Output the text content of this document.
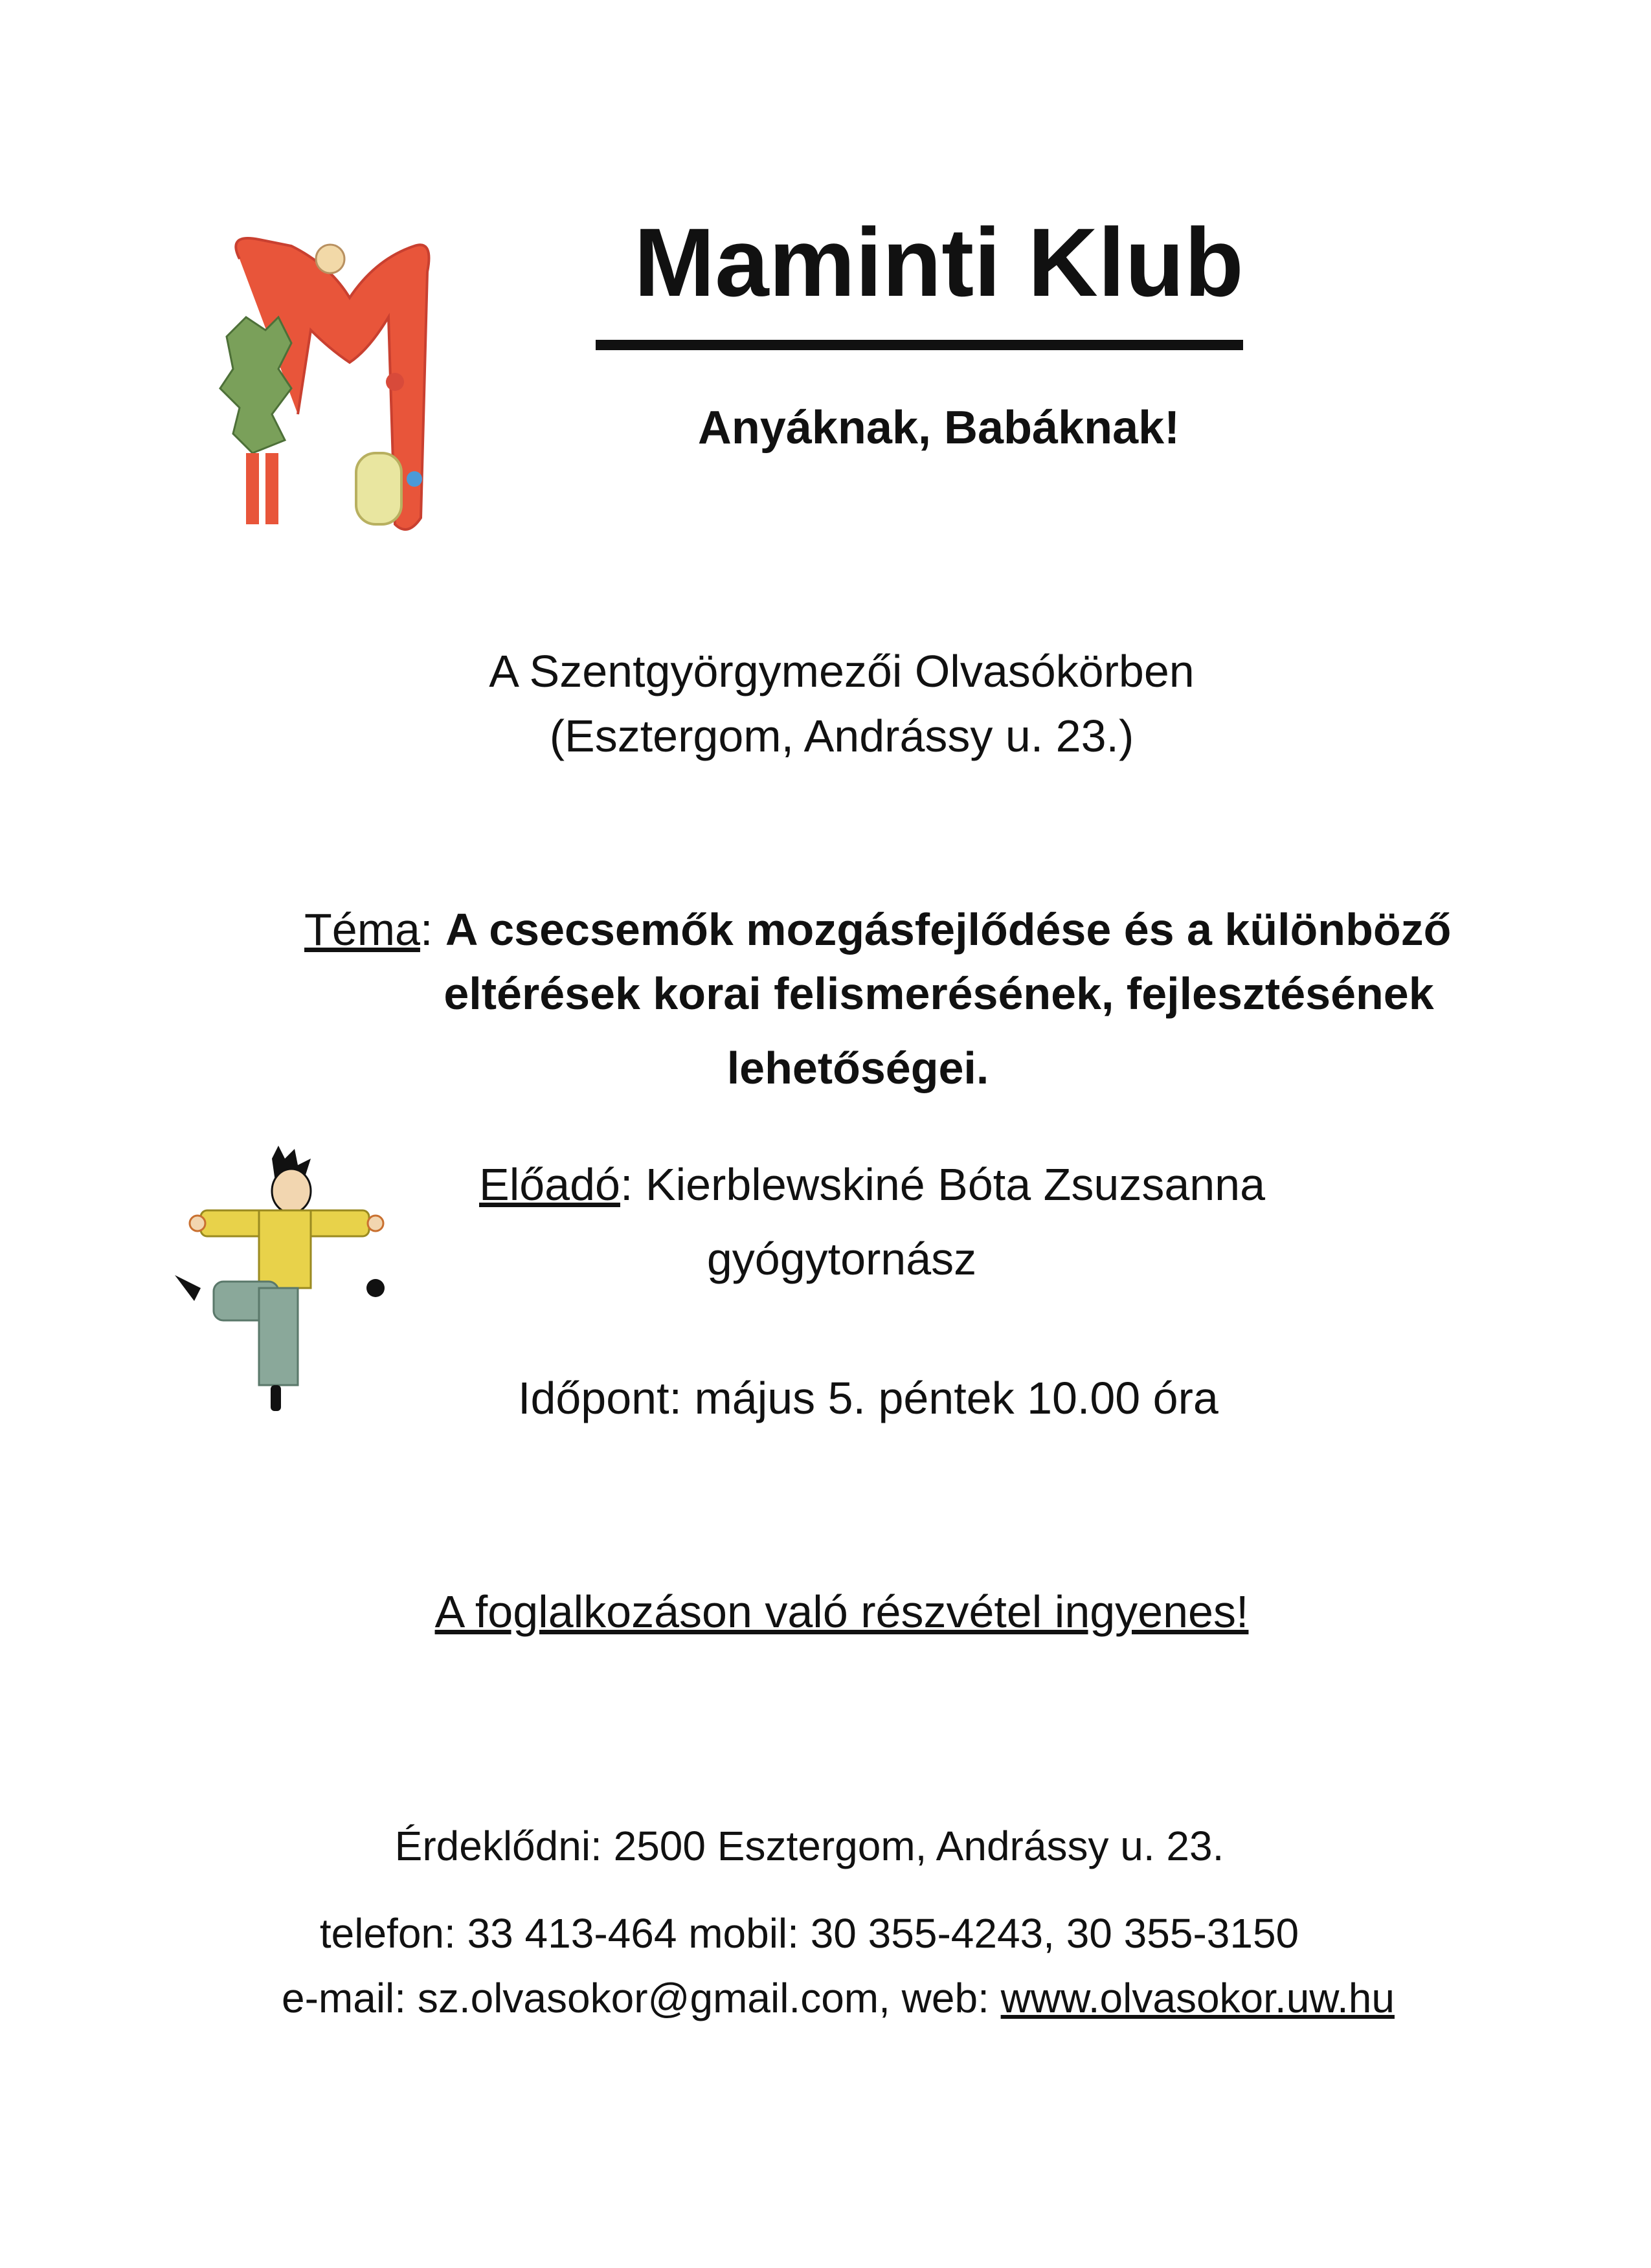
Maminti Klub
Anyáknak, Babáknak!
A Szentgyörgymezői Olvasókörben
(Esztergom, Andrássy u. 23.)
Téma: A csecsemők mozgásfejlődése és a különböző
eltérések korai felismerésének, fejlesztésének
lehetőségei.
Előadó: Kierblewskiné Bóta Zsuzsanna
gyógytornász
Időpont: május 5. péntek 10.00 óra
A foglalkozáson való részvétel ingyenes!
Érdeklődni: 2500 Esztergom, Andrássy u. 23.
telefon: 33 413-464 mobil: 30 355-4243, 30 355-3150
e-mail: sz.olvasokor@gmail.com, web: www.olvasokor.uw.hu
